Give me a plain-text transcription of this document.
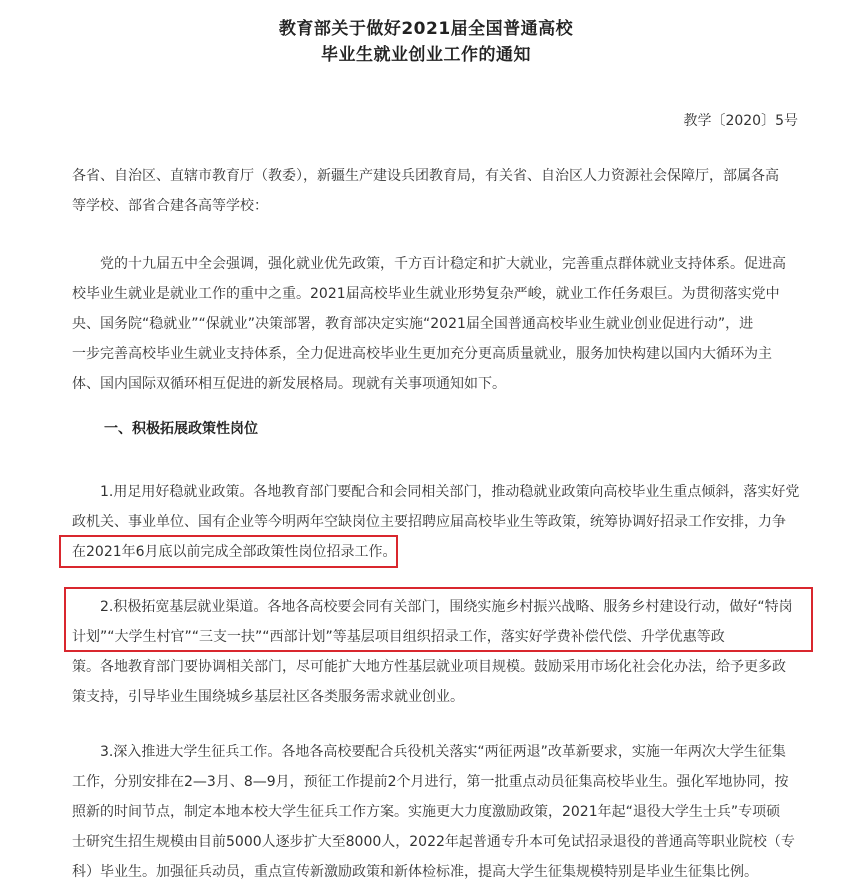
教育部关于做好2021届全国普通高校
毕业生就业创业工作的通知
教学〔2020〕5号
各省、自治区、直辖市教育厅（教委），新疆生产建设兵团教育局，有关省、自治区人力资源社会保障厅，部属各高
等学校、部省合建各高等学校：
　　党的十九届五中全会强调，强化就业优先政策，千方百计稳定和扩大就业，完善重点群体就业支持体系。促进高
校毕业生就业是就业工作的重中之重。2021届高校毕业生就业形势复杂严峻，就业工作任务艰巨。为贯彻落实党中
央、国务院“稳就业”“保就业”决策部署，教育部决定实施“2021届全国普通高校毕业生就业创业促进行动”，进
一步完善高校毕业生就业支持体系，全力促进高校毕业生更加充分更高质量就业，服务加快构建以国内大循环为主
体、国内国际双循环相互促进的新发展格局。现就有关事项通知如下。
一、积极拓展政策性岗位
　　1.用足用好稳就业政策。各地教育部门要配合和会同相关部门，推动稳就业政策向高校毕业生重点倾斜，落实好党
政机关、事业单位、国有企业等今明两年空缺岗位主要招聘应届高校毕业生等政策，统筹协调好招录工作安排，力争
在2021年6月底以前完成全部政策性岗位招录工作。
　　2.积极拓宽基层就业渠道。各地各高校要会同有关部门，围绕实施乡村振兴战略、服务乡村建设行动，做好“特岗
计划”“大学生村官”“三支一扶”“西部计划”等基层项目组织招录工作，落实好学费补偿代偿、升学优惠等政
策。各地教育部门要协调相关部门，尽可能扩大地方性基层就业项目规模。鼓励采用市场化社会化办法，给予更多政
策支持，引导毕业生围绕城乡基层社区各类服务需求就业创业。
　　3.深入推进大学生征兵工作。各地各高校要配合兵役机关落实“两征两退”改革新要求，实施一年两次大学生征集
工作，分别安排在2—3月、8—9月，预征工作提前2个月进行，第一批重点动员征集高校毕业生。强化军地协同，按
照新的时间节点，制定本地本校大学生征兵工作方案。实施更大力度激励政策，2021年起“退役大学生士兵”专项硕
士研究生招生规模由目前5000人逐步扩大至8000人，2022年起普通专升本可免试招录退役的普通高等职业院校（专
科）毕业生。加强征兵动员，重点宣传新激励政策和新体检标准，提高大学生征集规模特别是毕业生征集比例。
